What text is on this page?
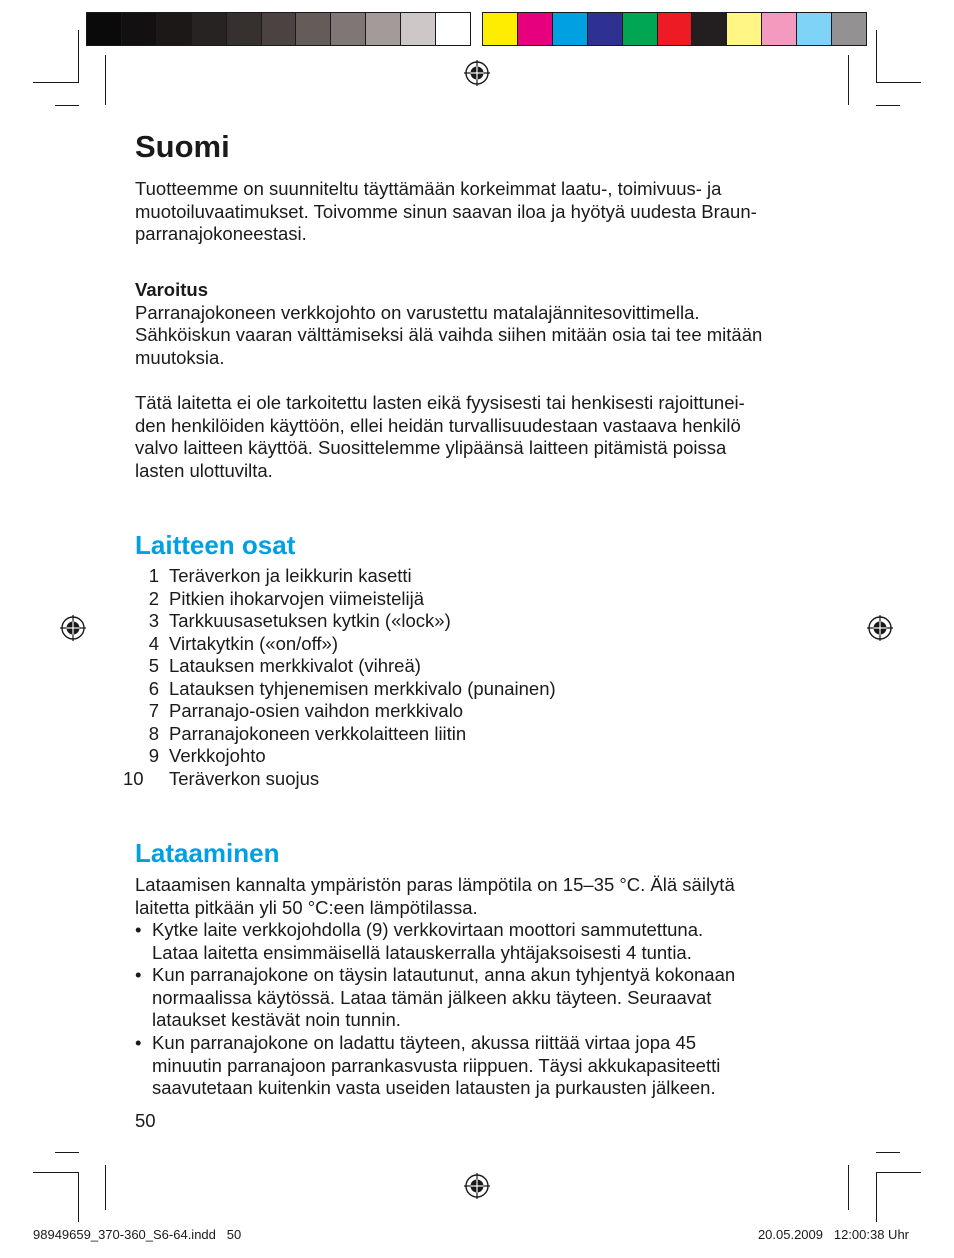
Suomi

Tuotteemme on suunniteltu täyttämään korkeimmat laatu-, toimivuus- ja

muotoiluvaatimukset. Toivomme sinun saavan iloa ja hyötyä uudesta Braun-

parranajokoneestasi.

Varoitus

Parranajokoneen verkkojohto on varustettu matalajännitesovittimella.

Sähköiskun vaaran välttämiseksi älä vaihda siihen mitään osia tai tee mitään

muutoksia.

Tätä laitetta ei ole tarkoitettu lasten eikä fyysisesti tai henkisesti rajoittunei-

den henkilöiden käyttöön, ellei heidän turvallisuudestaan vastaava henkilö

valvo laitteen käyttöä. Suosittelemme ylipäänsä laitteen pitämistä poissa

lasten ulottuvilta.

Laitteen osat
1 Teräverkon ja leikkurin kasetti
2 Pitkien ihokarvojen viimeistelijä
3 Tarkkuusasetuksen kytkin («lock»)
4 Virtakytkin («on/off»)
5 Latauksen merkkivalot (vihreä)
6 Latauksen tyhjenemisen merkkivalo (punainen)
7 Parranajo-osien vaihdon merkkivalo
8 Parranajokoneen verkkolaitteen liitin
9 Verkkojohto
10	Teräverkon suojus
Lataaminen

Lataamisen kannalta ympäristön paras lämpötila on 15–35 °C. Älä säilytä

laitetta pitkään yli 50 °C:een lämpötilassa.

• Kytke laite verkkojohdolla (9) verkkovirtaan moottori sammutettuna.
Lataa laitetta ensimmäisellä latauskerralla yhtäjaksoisesti 4 tuntia.
• Kun parranajokone on täysin latautunut, anna akun tyhjentyä kokonaan
normaalissa käytössä. Lataa tämän jälkeen akku täyteen. Seuraavat
lataukset kestävät noin tunnin.
• Kun parranajokone on ladattu täyteen, akussa riittää virtaa jopa 45
minuutin parranajoon parrankasvusta riippuen. Täysi akkukapasiteetti
saavutetaan kuitenkin vasta useiden latausten ja purkausten jälkeen.
50
98949659_370-360_S6-64.indd   50	20.05.2009   12:00:38 Uhr
